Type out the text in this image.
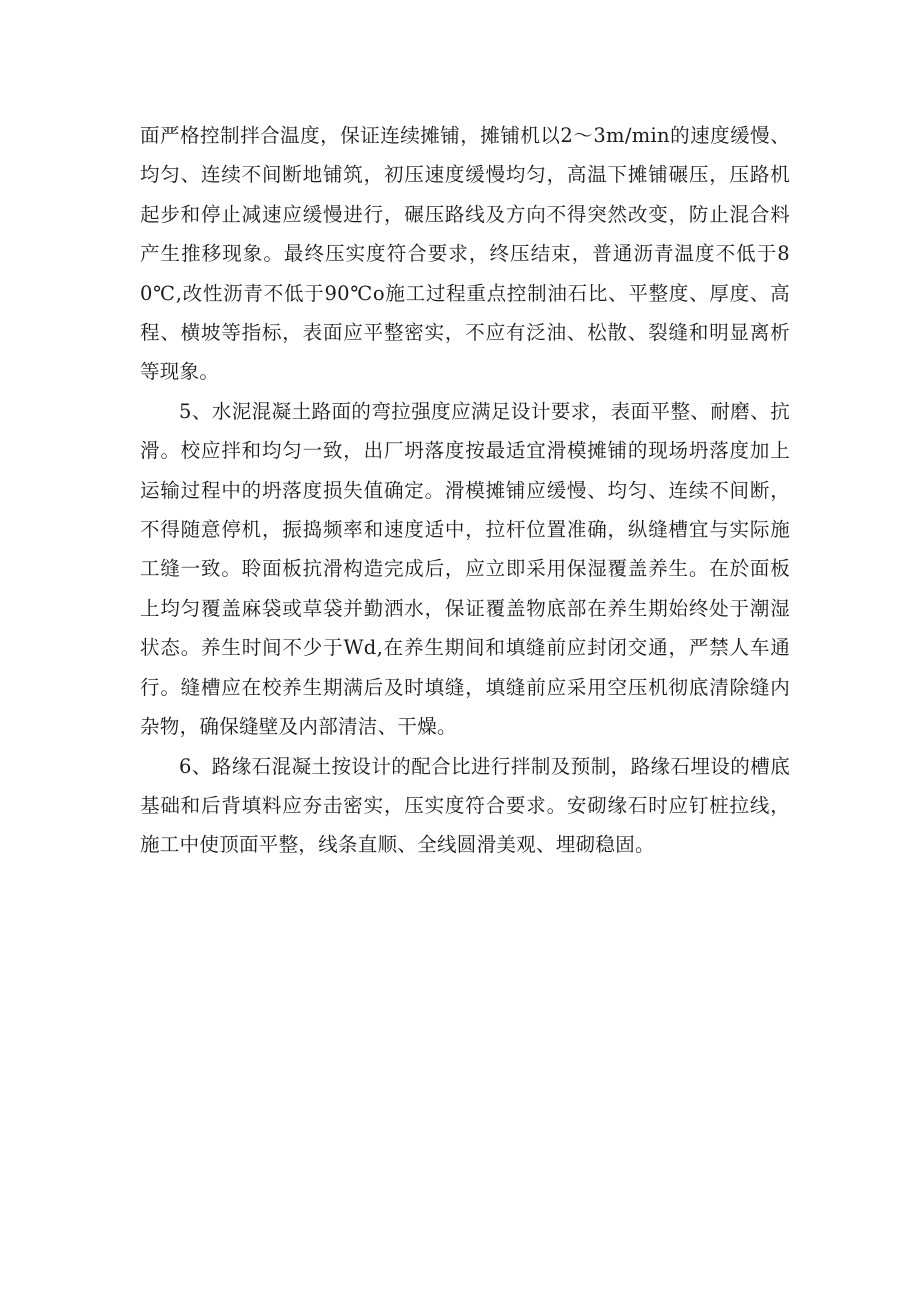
面严格控制拌合温度，保证连续摊铺，摊铺机以2～3m∕min的速度缓慢、均匀、连续不间断地铺筑，初压速度缓慢均匀，高温下摊铺碾压，压路机起步和停止减速应缓慢进行，碾压路线及方向不得突然改变，防止混合料产生推移现象。最终压实度符合要求，终压结束，普通沥青温度不低于80℃,改性沥青不低于90℃o施工过程重点控制油石比、平整度、厚度、高程、横坡等指标，表面应平整密实，不应有泛油、松散、裂缝和明显离析等现象。

5、水泥混凝土路面的弯拉强度应满足设计要求，表面平整、耐磨、抗滑。校应拌和均匀一致，出厂坍落度按最适宜滑模摊铺的现场坍落度加上运输过程中的坍落度损失值确定。滑模摊铺应缓慢、均匀、连续不间断，不得随意停机，振捣频率和速度适中，拉杆位置准确，纵缝槽宜与实际施工缝一致。聆面板抗滑构造完成后，应立即采用保湿覆盖养生。在於面板上均匀覆盖麻袋或草袋并勤洒水，保证覆盖物底部在养生期始终处于潮湿状态。养生时间不少于Wd,在养生期间和填缝前应封闭交通，严禁人车通行。缝槽应在校养生期满后及时填缝，填缝前应采用空压机彻底清除缝内杂物，确保缝壁及内部清洁、干燥。

6、路缘石混凝土按设计的配合比进行拌制及预制，路缘石埋设的槽底基础和后背填料应夯击密实，压实度符合要求。安砌缘石时应钉桩拉线，施工中使顶面平整，线条直顺、全线圆滑美观、埋砌稳固。
